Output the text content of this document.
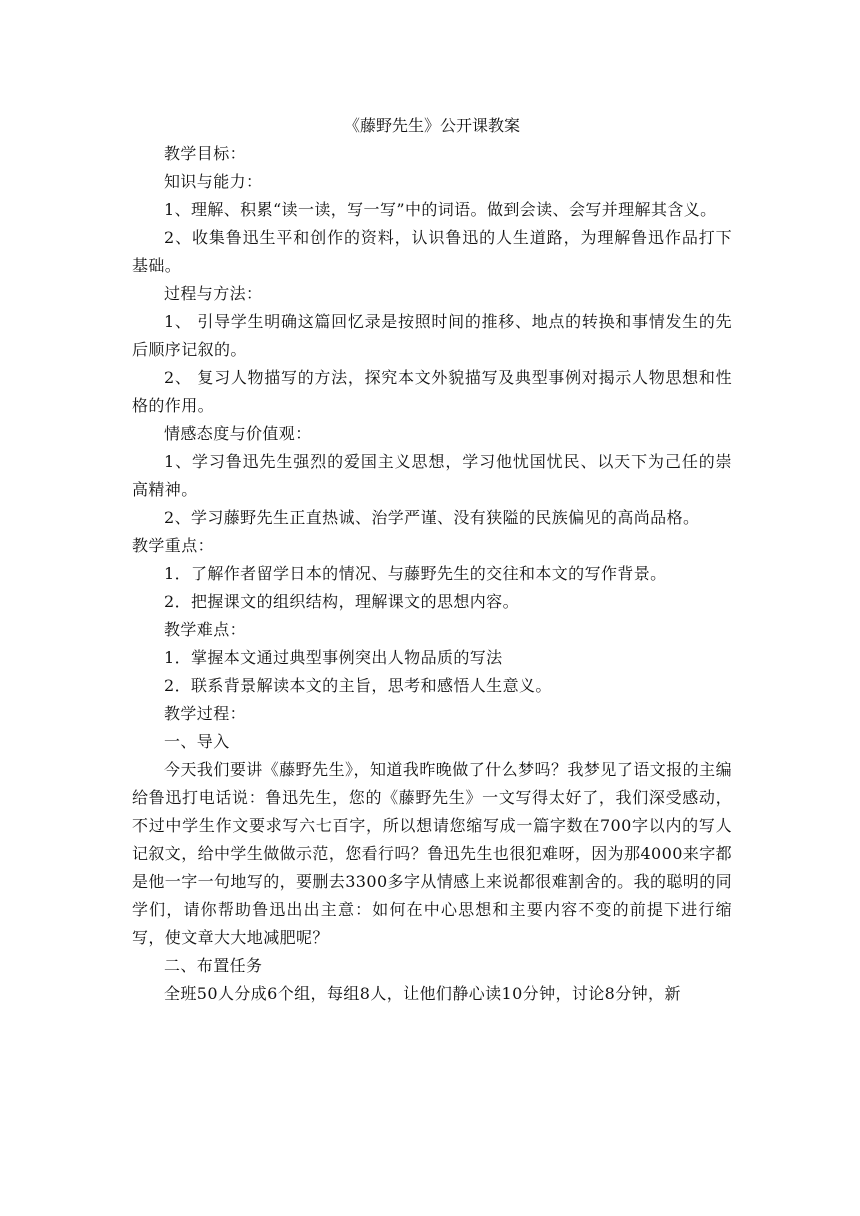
《藤野先生》公开课教案

教学目标：

知识与能力：

1、理解、积累“读一读，写一写”中的词语。做到会读、会写并理解其含义。

2、收集鲁迅生平和创作的资料，认识鲁迅的人生道路，为理解鲁迅作品打下基础。

过程与方法：

1、 引导学生明确这篇回忆录是按照时间的推移、地点的转换和事情发生的先后顺序记叙的。

2、 复习人物描写的方法，探究本文外貌描写及典型事例对揭示人物思想和性格的作用。

情感态度与价值观：

1、学习鲁迅先生强烈的爱国主义思想，学习他忧国忧民、以天下为己任的崇高精神。

2、学习藤野先生正直热诚、治学严谨、没有狭隘的民族偏见的高尚品格。

教学重点：

1．了解作者留学日本的情况、与藤野先生的交往和本文的写作背景。

2．把握课文的组织结构，理解课文的思想内容。

教学难点：

1．掌握本文通过典型事例突出人物品质的写法

2．联系背景解读本文的主旨，思考和感悟人生意义。

教学过程：

一、导入

今天我们要讲《藤野先生》，知道我昨晚做了什么梦吗？我梦见了语文报的主编给鲁迅打电话说：鲁迅先生，您的《藤野先生》一文写得太好了，我们深受感动，不过中学生作文要求写六七百字，所以想请您缩写成一篇字数在700字以内的写人记叙文，给中学生做做示范，您看行吗？鲁迅先生也很犯难呀，因为那4000来字都是他一字一句地写的，要删去3300多字从情感上来说都很难割舍的。我的聪明的同学们，请你帮助鲁迅出出主意：如何在中心思想和主要内容不变的前提下进行缩写，使文章大大地减肥呢？

二、布置任务

全班50人分成6个组，每组8人，让他们静心读10分钟，讨论8分钟，新
